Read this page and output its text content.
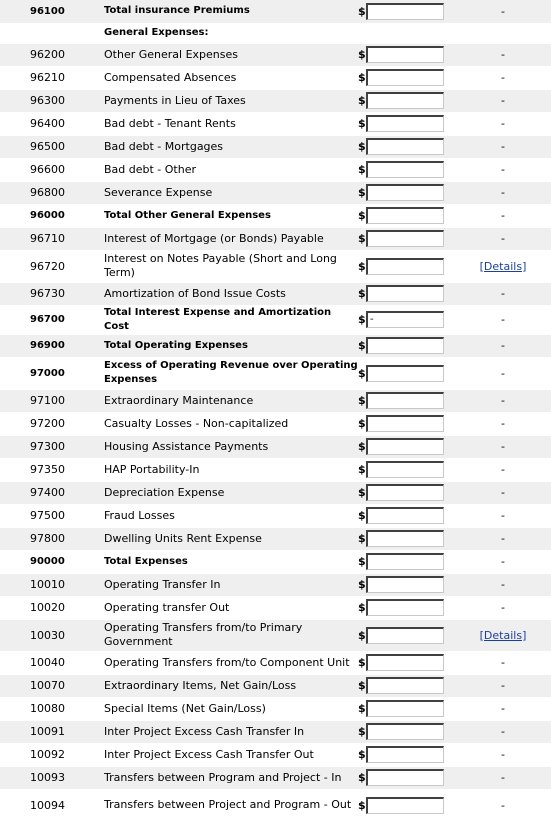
96100	Total insurance Premiums	$	-
	General Expenses:		
96200	Other General Expenses	$	-
96210	Compensated Absences	$	-
96300	Payments in Lieu of Taxes	$	-
96400	Bad debt - Tenant Rents	$	-
96500	Bad debt - Mortgages	$	-
96600	Bad debt - Other	$	-
96800	Severance Expense	$	-
96000	Total Other General Expenses	$	-
96710	Interest of Mortgage (or Bonds) Payable	$	-
96720	Interest on Notes Payable (Short and Long Term)	$	[Details]
96730	Amortization of Bond Issue Costs	$	-
96700	Total Interest Expense and Amortization Cost	$ -	-
96900	Total Operating Expenses	$	-
97000	Excess of Operating Revenue over Operating Expenses	$	-
97100	Extraordinary Maintenance	$	-
97200	Casualty Losses - Non-capitalized	$	-
97300	Housing Assistance Payments	$	-
97350	HAP Portability-In	$	-
97400	Depreciation Expense	$	-
97500	Fraud Losses	$	-
97800	Dwelling Units Rent Expense	$	-
90000	Total Expenses	$	-
10010	Operating Transfer In	$	-
10020	Operating transfer Out	$	-
10030	Operating Transfers from/to Primary Government	$	[Details]
10040	Operating Transfers from/to Component Unit	$	-
10070	Extraordinary Items, Net Gain/Loss	$	-
10080	Special Items (Net Gain/Loss)	$	-
10091	Inter Project Excess Cash Transfer In	$	-
10092	Inter Project Excess Cash Transfer Out	$	-
10093	Transfers between Program and Project - In	$	-
10094	Transfers between Project and Program - Out	$	-
